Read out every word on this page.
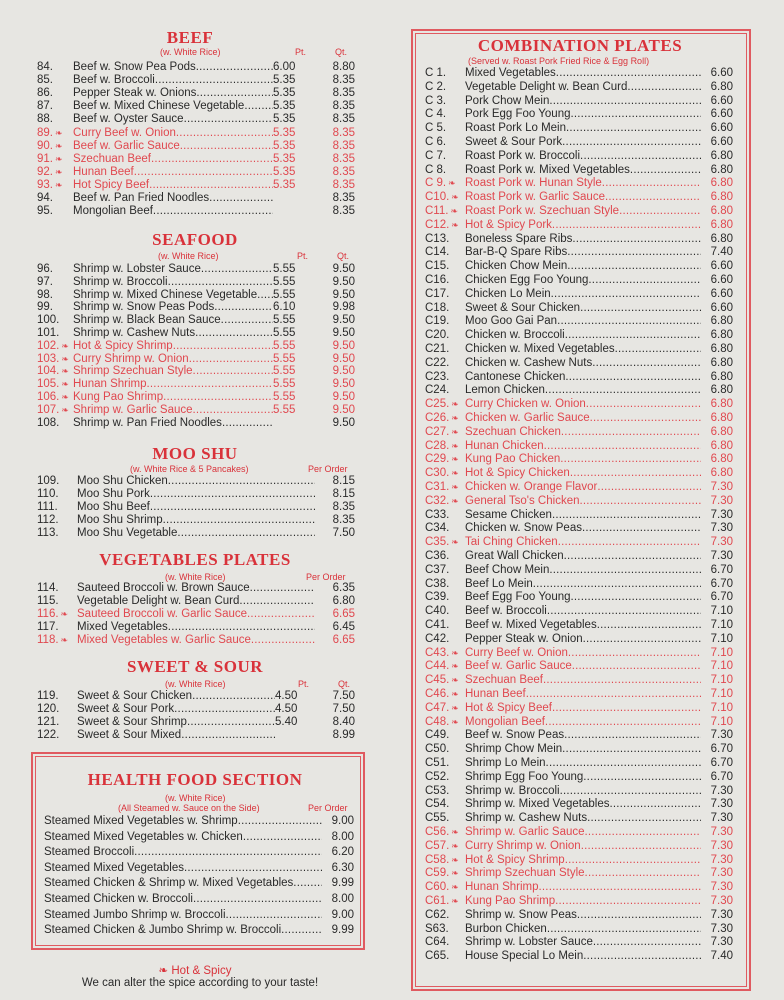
BEEF
(w. White Rice)	Pt.	Qt.
84.	Beef w. Snow Pea Pods .....	6.00	8.80
85.	Beef w. Broccoli .....	5.35	8.35
86.	Pepper Steak w. Onions .....	5.35	8.35
87.	Beef w. Mixed Chinese Vegetable ..... 5.35	8.35
88.	Beef w. Oyster Sauce .....	5.35	8.35
89. ❧ Curry Beef w. Onion .....	5.35	8.35
90. ❧ Beef w. Garlic Sauce .....	5.35	8.35
91. ❧ Szechuan Beef .....	5.35	8.35
92. ❧ Hunan Beef .....	5.35	8.35
93. ❧ Hot Spicy Beef .....	5.35	8.35
94.	Beef w. Pan Fried Noodles .....	8.35
95.	Mongolian Beef .....	8.35
SEAFOOD
(w. White Rice)	Pt.	Qt.
96.	Shrimp w. Lobster Sauce .....	5.55	9.50
97.	Shrimp w. Broccoli .....	5.55	9.50
98.	Shrimp w. Mixed Chinese Vegetable ..... 5.55	9.50
99.	Shrimp w. Snow Peas Pods .....	6.10	9.98
100.	Shrimp w. Black Bean Sauce .....	5.55	9.50
101.	Shrimp w. Cashew Nuts .....	5.55	9.50
102. ❧ Hot & Spicy Shrimp .....	5.55	9.50
103. ❧ Curry Shrimp w. Onion .....	5.55	9.50
104. ❧ Shrimp Szechuan Style .....	5.55	9.50
105. ❧ Hunan Shrimp .....	5.55	9.50
106. ❧ Kung Pao Shrimp .....	5.55	9.50
107. ❧ Shrimp w. Garlic Sauce .....	5.55	9.50
108.	Shrimp w. Pan Fried Noodles .....	9.50
MOO SHU
(w. White Rice & 5 Pancakes)	Per Order
109.	Moo Shu Chicken .....	8.15
110.	Moo Shu Pork .....	8.15
111.	Moo Shu Beef .....	8.35
112.	Moo Shu Shrimp .....	8.35
113.	Moo Shu Vegetable .....	7.50
VEGETABLES PLATES
(w. White Rice)	Per Order
114.	Sauteed Broccoli w. Brown Sauce .....	6.35
115.	Vegetable Delight w. Bean Curd .....	6.80
116. ❧ Sauteed Broccoli w. Garlic Sauce .....	6.65
117.	Mixed Vegetables .....	6.45
118. ❧ Mixed Vegetables w. Garlic Sauce .....	6.65
SWEET & SOUR
(w. White Rice)	Pt.	Qt.
119.	Sweet & Sour Chicken .....	4.50	7.50
120.	Sweet & Sour Pork .....	4.50	7.50
121.	Sweet & Sour Shrimp .....	5.40	8.40
122.	Sweet & Sour Mixed .....	8.99
HEALTH FOOD SECTION
(w. White Rice)
(All Steamed w. Sauce on the Side)	Per Order
Steamed Mixed Vegetables w. Shrimp .....	9.00
Steamed Mixed Vegetables w. Chicken .....	8.00
Steamed Broccoli .....	6.20
Steamed Mixed Vegetables .....	6.30
Steamed Chicken & Shrimp w. Mixed Vegetables .....	9.99
Steamed Chicken w. Broccoli .....	8.00
Steamed Jumbo Shrimp w. Broccoli .....	9.00
Steamed Chicken & Jumbo Shrimp w. Broccoli .....	9.99
❧ Hot & Spicy
We can alter the spice according to your taste!
COMBINATION PLATES
(Served w. Roast Pork Fried Rice & Egg Roll)
C 1.	Mixed Vegetables .....	6.60
C 2.	Vegetable Delight w. Bean Curd .....	6.80
C 3.	Pork Chow Mein .....	6.60
C 4.	Pork Egg Foo Young .....	6.60
C 5.	Roast Pork Lo Mein .....	6.60
C 6.	Sweet & Sour Pork .....	6.60
C 7.	Roast Pork w. Broccoli .....	6.80
C 8.	Roast Pork w. Mixed Vegetables .....	6.80
C 9. ❧ Roast Pork w. Hunan Style .....	6.80
C10. ❧ Roast Pork w. Garlic Sauce .....	6.80
C11. ❧ Roast Pork w. Szechuan Style .....	6.80
C12. ❧ Hot & Spicy Pork .....	6.80
C13.	Boneless Spare Ribs .....	6.80
C14.	Bar-B-Q Spare Ribs .....	7.40
C15.	Chicken Chow Mein .....	6.60
C16.	Chicken Egg Foo Young .....	6.60
C17.	Chicken Lo Mein .....	6.60
C18.	Sweet & Sour Chicken .....	6.60
C19.	Moo Goo Gai Pan .....	6.80
C20.	Chicken w. Broccoli .....	6.80
C21.	Chicken w. Mixed Vegetables .....	6.80
C22.	Chicken w. Cashew Nuts .....	6.80
C23.	Cantonese Chicken .....	6.80
C24.	Lemon Chicken .....	6.80
C25. ❧ Curry Chicken w. Onion .....	6.80
C26. ❧ Chicken w. Garlic Sauce .....	6.80
C27. ❧ Szechuan Chicken .....	6.80
C28. ❧ Hunan Chicken .....	6.80
C29. ❧ Kung Pao Chicken .....	6.80
C30. ❧ Hot & Spicy Chicken .....	6.80
C31. ❧ Chicken w. Orange Flavor .....	7.30
C32. ❧ General Tso's Chicken .....	7.30
C33.	Sesame Chicken .....	7.30
C34.	Chicken w. Snow Peas .....	7.30
C35. ❧ Tai Ching Chicken .....	7.30
C36.	Great Wall Chicken .....	7.30
C37.	Beef Chow Mein .....	6.70
C38.	Beef Lo Mein .....	6.70
C39.	Beef Egg Foo Young .....	6.70
C40.	Beef w. Broccoli .....	7.10
C41.	Beef w. Mixed Vegetables .....	7.10
C42.	Pepper Steak w. Onion .....	7.10
C43. ❧ Curry Beef w. Onion .....	7.10
C44. ❧ Beef w. Garlic Sauce .....	7.10
C45. ❧ Szechuan Beef .....	7.10
C46. ❧ Hunan Beef .....	7.10
C47. ❧ Hot & Spicy Beef .....	7.10
C48. ❧ Mongolian Beef .....	7.10
C49.	Beef w. Snow Peas .....	7.30
C50.	Shrimp Chow Mein .....	6.70
C51.	Shrimp Lo Mein .....	6.70
C52.	Shrimp Egg Foo Young .....	6.70
C53.	Shrimp w. Broccoli .....	7.30
C54.	Shrimp w. Mixed Vegetables .....	7.30
C55.	Shrimp w. Cashew Nuts .....	7.30
C56. ❧ Shrimp w. Garlic Sauce .....	7.30
C57. ❧ Curry Shrimp w. Onion .....	7.30
C58. ❧ Hot & Spicy Shrimp .....	7.30
C59. ❧ Shrimp Szechuan Style .....	7.30
C60. ❧ Hunan Shrimp .....	7.30
C61. ❧ Kung Pao Shrimp .....	7.30
C62.	Shrimp w. Snow Peas .....	7.30
S63.	Burbon Chicken .....	7.30
C64.	Shrimp w. Lobster Sauce .....	7.30
C65.	House Special Lo Mein .....	7.40
